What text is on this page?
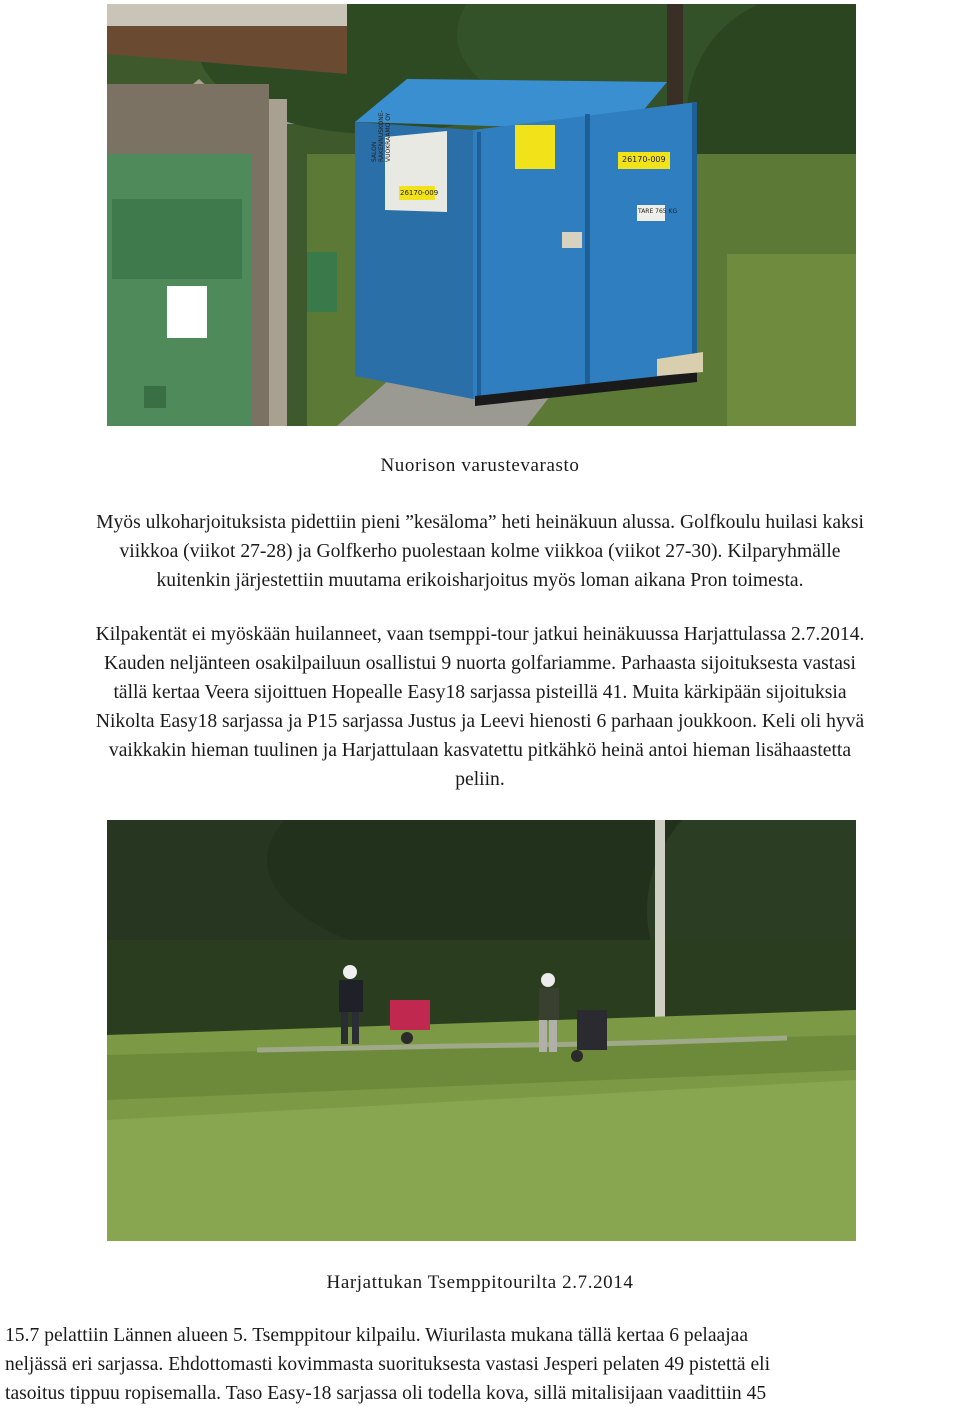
SALON RAKENNUSKONE- VUOKRAAMO OY
26170-009
26170-009
TARE 765 KG
Nuorison varustevarasto

Myös ulkoharjoituksista pidettiin pieni ”kesäloma” heti heinäkuun alussa. Golfkoulu huilasi kaksi
viikkoa (viikot 27-28) ja Golfkerho puolestaan kolme viikkoa (viikot 27-30). Kilparyhmälle
kuitenkin järjestettiin muutama erikoisharjoitus myös loman aikana Pron toimesta.

Kilpakentät ei myöskään huilanneet, vaan tsemppi-tour jatkui heinäkuussa Harjattulassa 2.7.2014.
Kauden neljänteen osakilpailuun osallistui 9 nuorta golfariamme. Parhaasta sijoituksesta vastasi
tällä kertaa Veera sijoittuen Hopealle Easy18 sarjassa pisteillä 41. Muita kärkipään sijoituksia
Nikolta Easy18 sarjassa ja P15 sarjassa Justus ja Leevi hienosti 6 parhaan joukkoon. Keli oli hyvä
vaikkakin hieman tuulinen ja Harjattulaan kasvatettu pitkähkö heinä antoi hieman lisähaastetta
peliin.

Harjattukan Tsemppitourilta 2.7.2014

15.7 pelattiin Lännen alueen 5. Tsemppitour kilpailu. Wiurilasta mukana tällä kertaa 6 pelaajaa
neljässä eri sarjassa. Ehdottomasti kovimmasta suorituksesta vastasi Jesperi pelaten 49 pistettä eli
tasoitus tippuu ropisemalla. Taso Easy-18 sarjassa oli todella kova, sillä mitalisijaan vaadittiin 45
